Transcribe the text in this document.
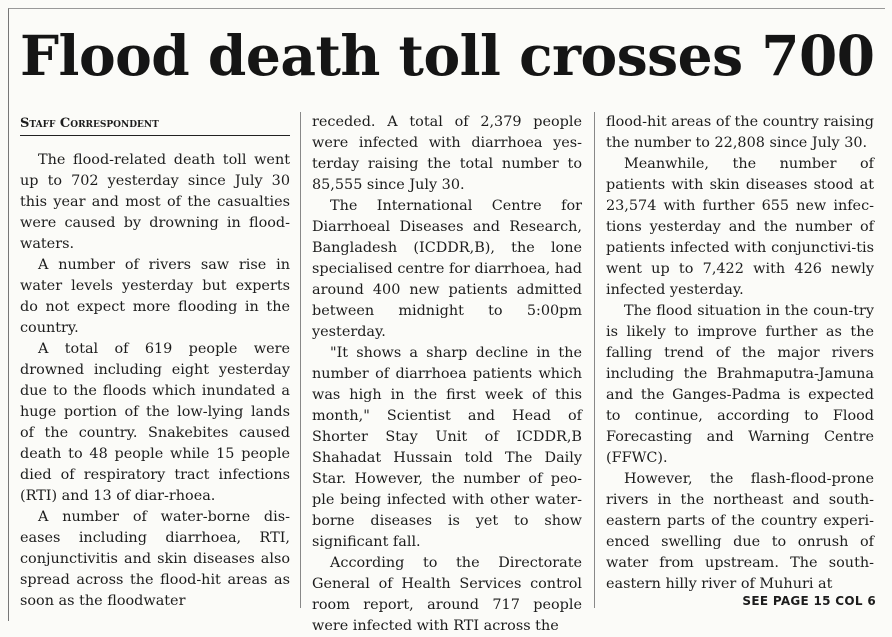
Flood death toll crosses 700
Staff Correspondent

The flood-related death toll went up to 702 yesterday since July 30 this year and most of the casualties were caused by drowning in flood-waters.

A number of rivers saw rise in water levels yesterday but experts do not expect more flooding in the country.

A total of 619 people were drowned including eight yesterday due to the floods which inundated a huge portion of the low-lying lands of the country. Snakebites caused death to 48 people while 15 people died of respiratory tract infections (RTI) and 13 of diar-rhoea.

A number of water-borne dis-eases including diarrhoea, RTI, conjunctivitis and skin diseases also spread across the flood-hit areas as soon as the floodwater

receded. A total of 2,379 people were infected with diarrhoea yes-terday raising the total number to 85,555 since July 30.

The International Centre for Diarrhoeal Diseases and Research, Bangladesh (ICDDR,B), the lone specialised centre for diarrhoea, had around 400 new patients admitted between midnight to 5:00pm yesterday.

"It shows a sharp decline in the number of diarrhoea patients which was high in the first week of this month," Scientist and Head of Shorter Stay Unit of ICDDR,B Shahadat Hussain told The Daily Star. However, the number of peo-ple being infected with other water-borne diseases is yet to show significant fall.

According to the Directorate General of Health Services control room report, around 717 people were infected with RTI across the

flood-hit areas of the country raising the number to 22,808 since July 30.

Meanwhile, the number of patients with skin diseases stood at 23,574 with further 655 new infec-tions yesterday and the number of patients infected with conjunctivi-tis went up to 7,422 with 426 newly infected yesterday.

The flood situation in the coun-try is likely to improve further as the falling trend of the major rivers including the Brahmaputra-Jamuna and the Ganges-Padma is expected to continue, according to Flood Forecasting and Warning Centre (FFWC).

However, the flash-flood-prone rivers in the northeast and south-eastern parts of the country experi-enced swelling due to onrush of water from upstream. The south-eastern hilly river of Muhuri at

SEE PAGE 15 COL 6
